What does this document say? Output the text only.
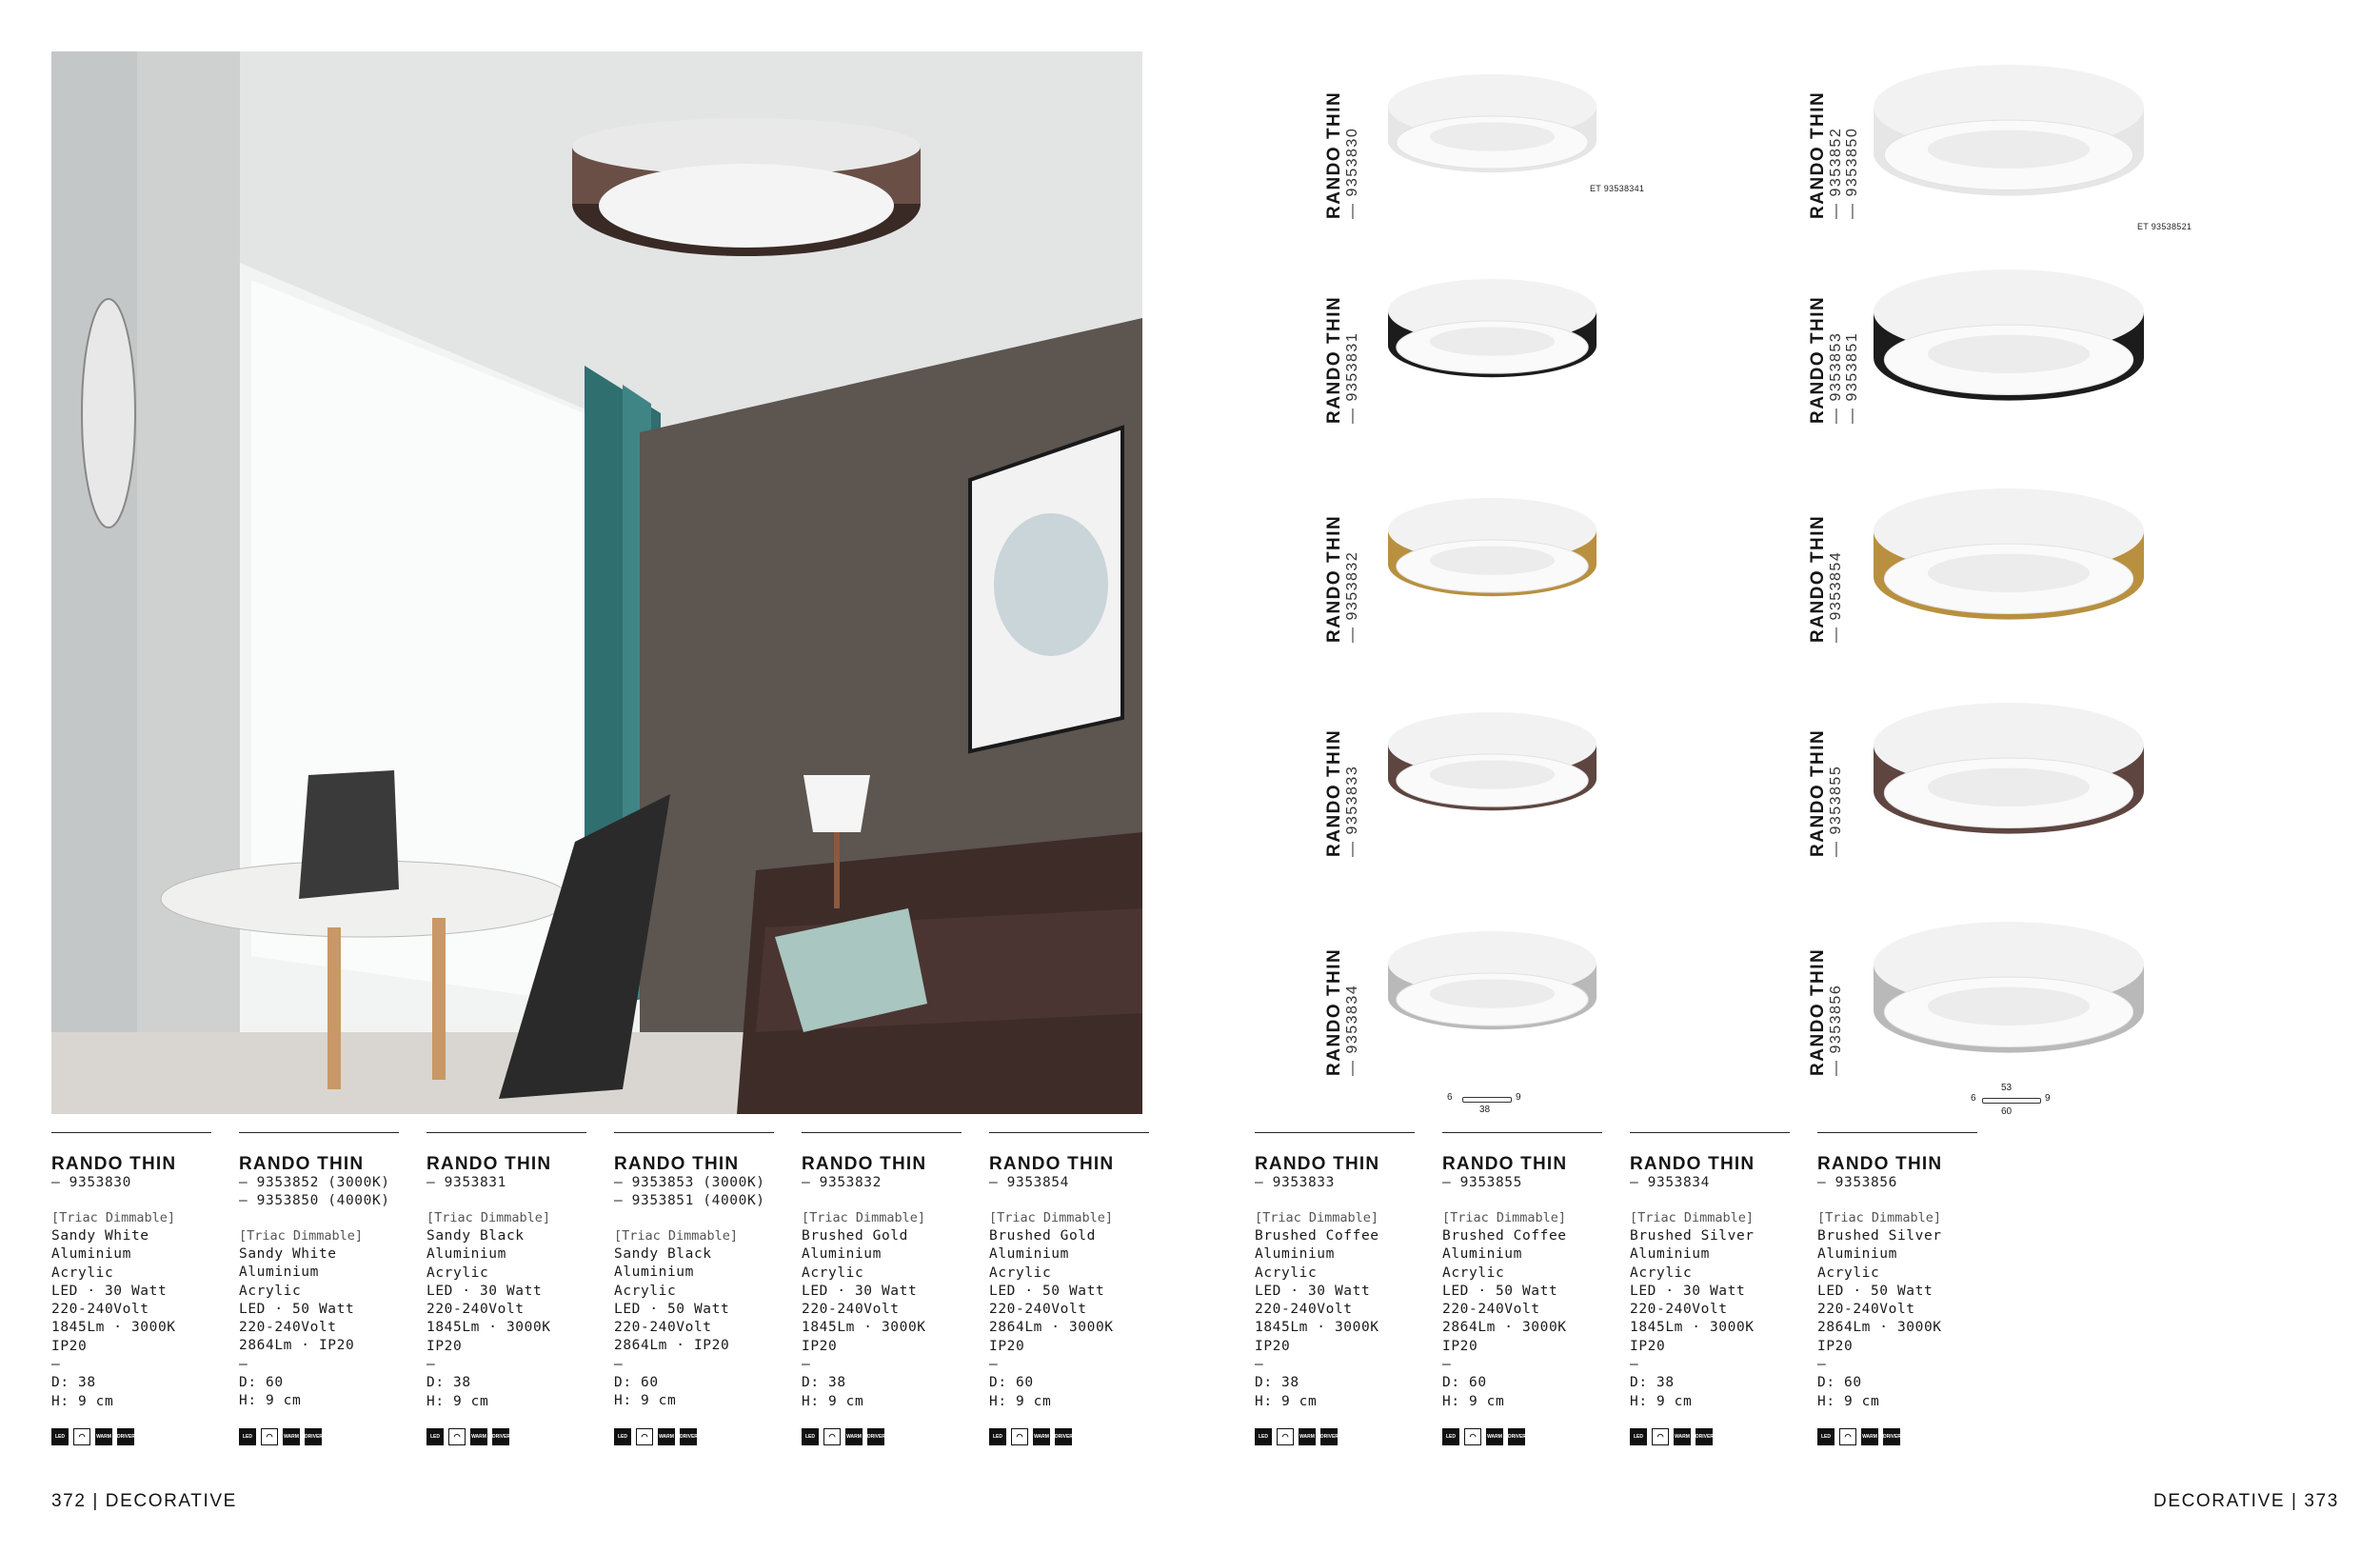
RANDO THIN — 9353830	ET 93538341	RANDO THIN — 9353852 — 9353850
ET 93538521
RANDO THIN — 9353831	RANDO THIN — 9353853 — 9353851
RANDO THIN — 9353832	RANDO THIN — 9353854
RANDO THIN — 9353833	RANDO THIN — 9353855
RANDO THIN — 9353834	RANDO THIN — 9353856
6	9
38
53
6	9
60
RANDO THIN
— 9353830
[Triac Dimmable]
Sandy White
Aluminium
Acrylic
LED · 30 Watt
220-240Volt
1845Lm · 3000K
IP20
—
D: 38
H: 9 cm
LED	◠	WARM WHITE
DRIVER INCL.
RANDO THIN
— 9353852 (3000K)
— 9353850 (4000K)
[Triac Dimmable]
Sandy White
Aluminium
Acrylic
LED · 50 Watt
220-240Volt
2864Lm · IP20
—
D: 60
H: 9 cm
LED	◠	WARM WHITE
DRIVER INCL.
RANDO THIN
— 9353831
[Triac Dimmable]
Sandy Black
Aluminium
Acrylic
LED · 30 Watt
220-240Volt
1845Lm · 3000K
IP20
—
D: 38
H: 9 cm
LED	◠	WARM WHITE
DRIVER INCL.
RANDO THIN
— 9353853 (3000K)
— 9353851 (4000K)
[Triac Dimmable]
Sandy Black
Aluminium
Acrylic
LED · 50 Watt
220-240Volt
2864Lm · IP20
—
D: 60
H: 9 cm
LED	◠	WARM WHITE
DRIVER INCL.
RANDO THIN
— 9353832
[Triac Dimmable]
Brushed Gold
Aluminium
Acrylic
LED · 30 Watt
220-240Volt
1845Lm · 3000K
IP20
—
D: 38
H: 9 cm
LED	◠	WARM WHITE
DRIVER INCL.
RANDO THIN
— 9353854
[Triac Dimmable]
Brushed Gold
Aluminium
Acrylic
LED · 50 Watt
220-240Volt
2864Lm · 3000K
IP20
—
D: 60
H: 9 cm
LED	◠	WARM WHITE
DRIVER INCL.
RANDO THIN
— 9353833
[Triac Dimmable]
Brushed Coffee
Aluminium
Acrylic
LED · 30 Watt
220-240Volt
1845Lm · 3000K
IP20
—
D: 38
H: 9 cm
LED	◠	WARM WHITE
DRIVER INCL.
RANDO THIN
— 9353855
[Triac Dimmable]
Brushed Coffee
Aluminium
Acrylic
LED · 50 Watt
220-240Volt
2864Lm · 3000K
IP20
—
D: 60
H: 9 cm
LED	◠	WARM WHITE
DRIVER INCL.
RANDO THIN
— 9353834
[Triac Dimmable]
Brushed Silver
Aluminium
Acrylic
LED · 30 Watt
220-240Volt
1845Lm · 3000K
IP20
—
D: 38
H: 9 cm
LED	◠	WARM WHITE
DRIVER INCL.
RANDO THIN
— 9353856
[Triac Dimmable]
Brushed Silver
Aluminium
Acrylic
LED · 50 Watt
220-240Volt
2864Lm · 3000K
IP20
—
D: 60
H: 9 cm
LED	◠	WARM WHITE
DRIVER INCL.
372 | DECORATIVE	DECORATIVE | 373
